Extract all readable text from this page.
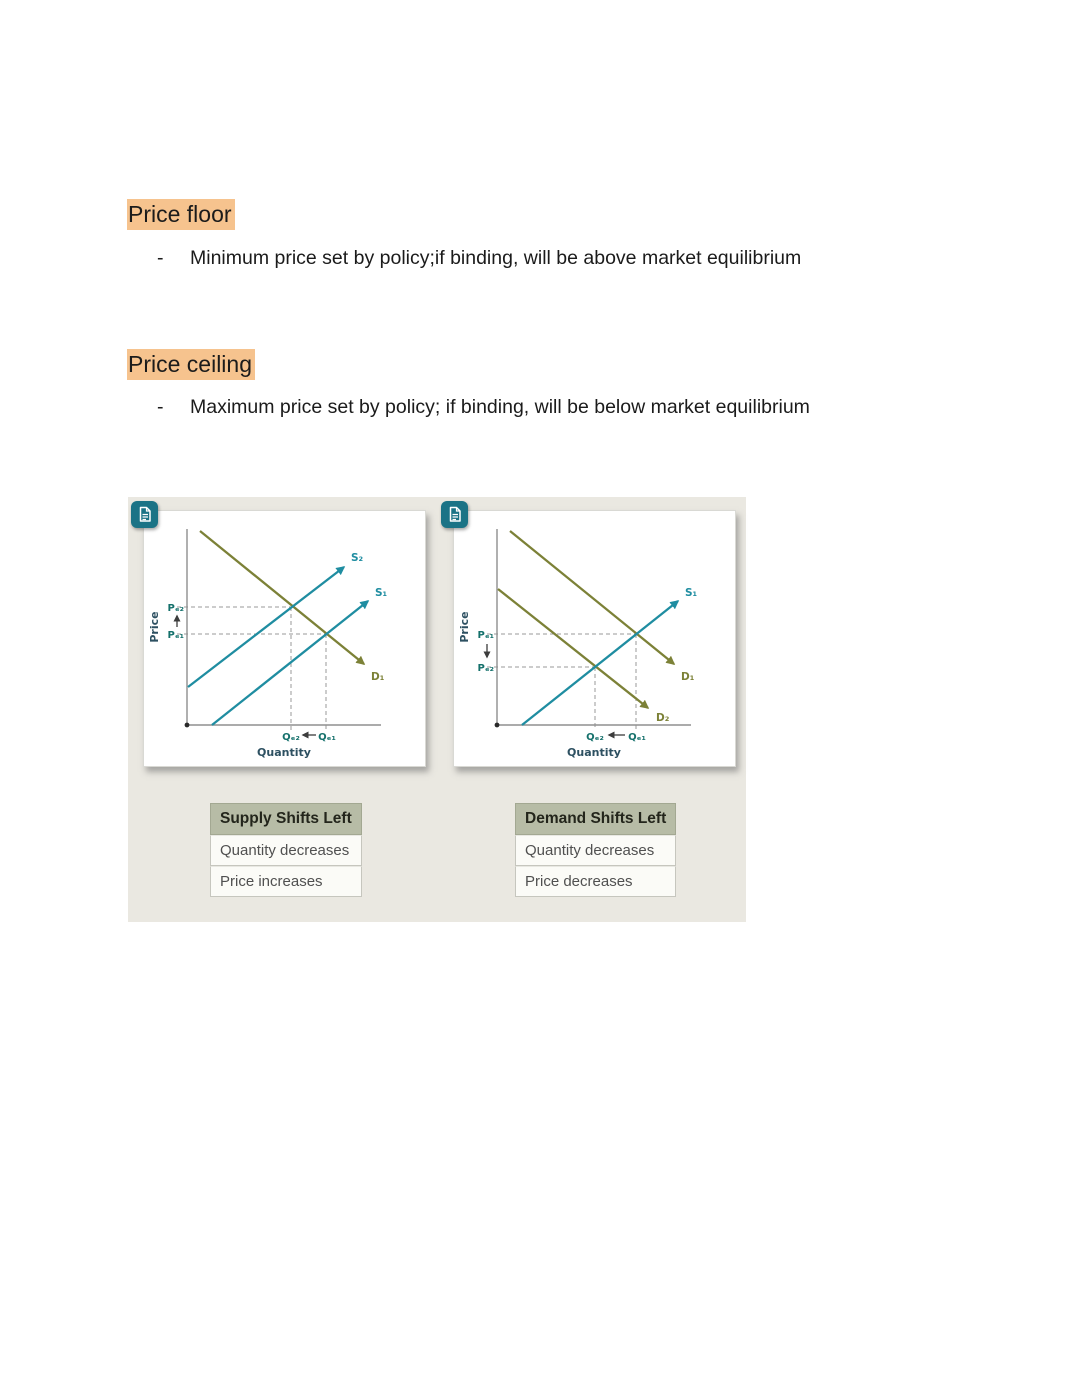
Price floor
-	Minimum price set by policy;if binding, will be above market equilibrium
Price ceiling
-	Maximum price set by policy; if binding, will be below market equilibrium
S₂
S₁
D₁
Pₑ₂
Pₑ₁
Qₑ₂ Qₑ₁
Price
Quantity
S₁
D₁
D₂
Pₑ₁
Pₑ₂
Qₑ₂ Qₑ₁
Price
Quantity
Supply Shifts Left
Quantity decreases
Price increases
Demand Shifts Left
Quantity decreases
Price decreases
